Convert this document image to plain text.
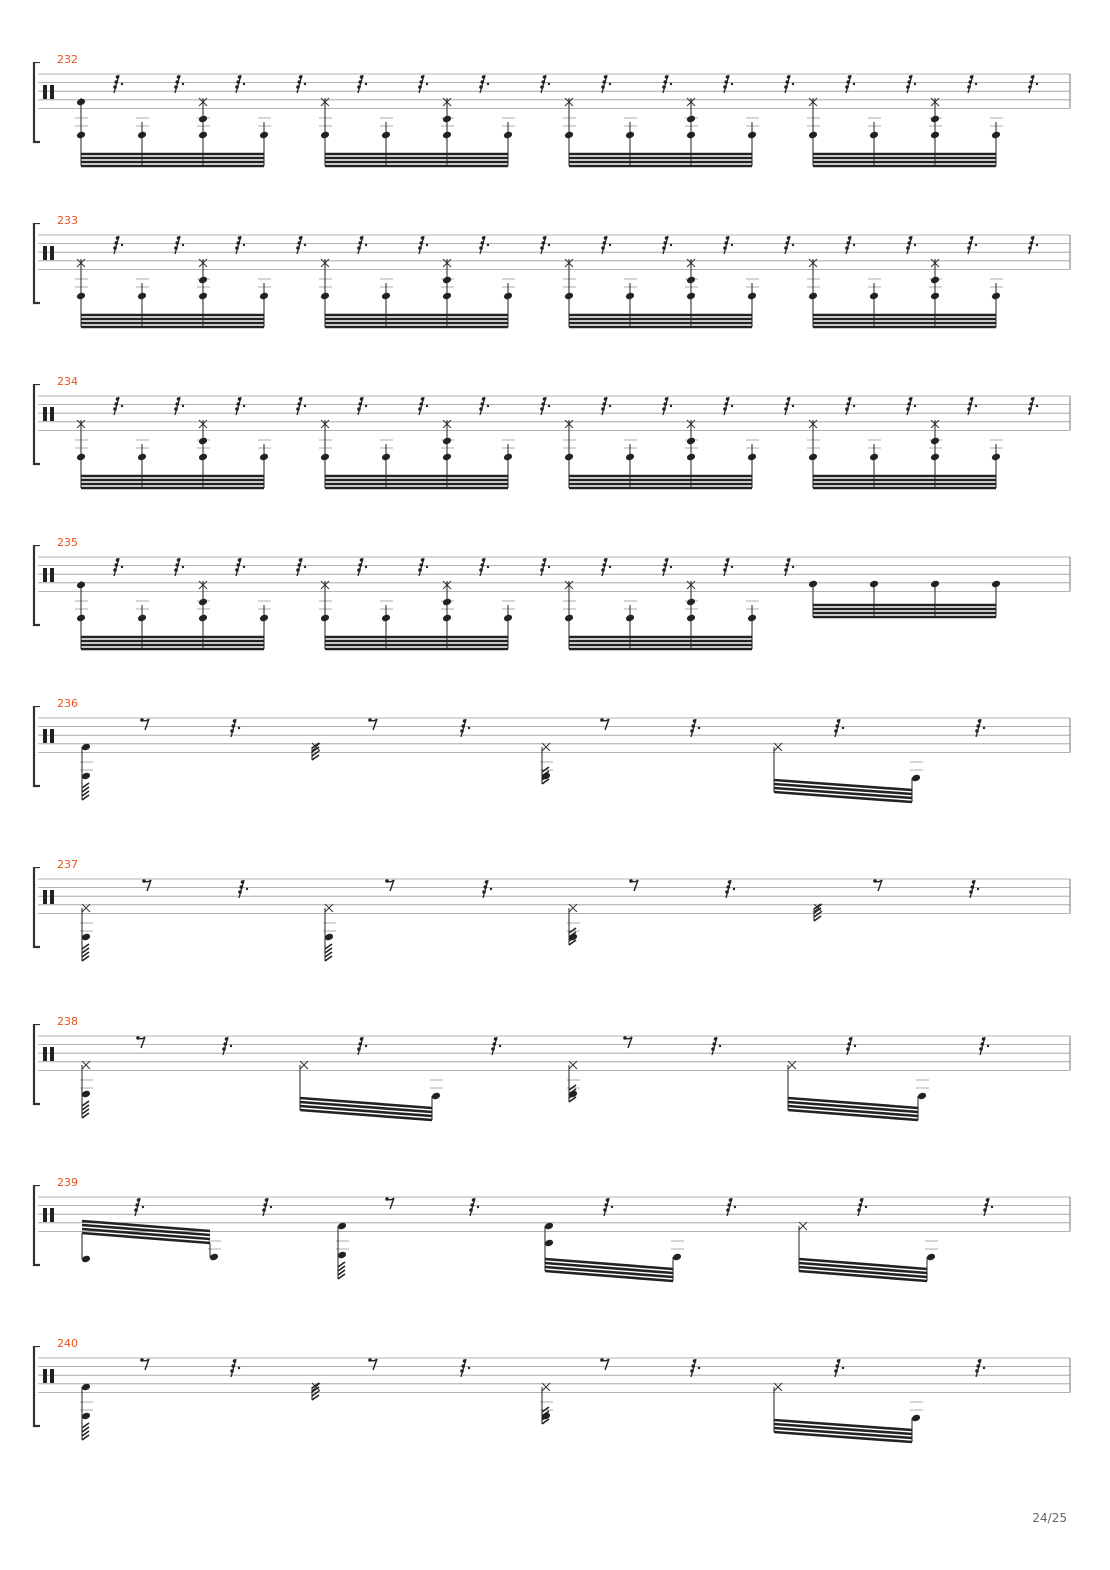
232
233
234
235
236
237
238
239
240
24/25
